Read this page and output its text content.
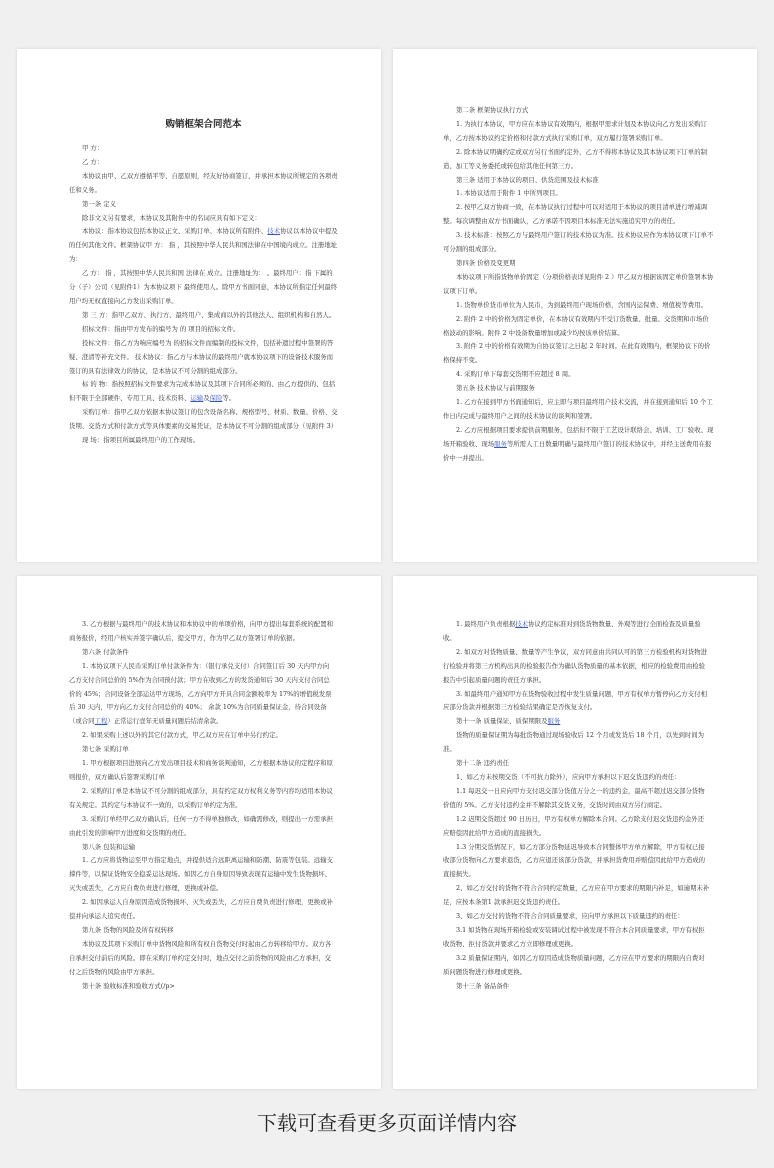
购销框架合同范本

甲 方：

乙 方：

本协议由甲、乙双方遵循平等、自愿原则，经友好协商签订，并承担本协议所规定的各项责任和义务。

第一条 定义

除非文义另有要求，本协议及其附件中的名词应具有如下定义：

本协议：指本协议包括本协议正文、采购订单、本协议所有附件、技术协议以本协议中提及的任何其他文件。框架协议甲 方： 指 ，其按照中华人民共和国法律在中国境内成立。注册地址为：

乙 方： 指 ，其按照中华人民共和国 法律在 成立。注册地址为： 。最终用户：指 下属的分（子）公司（见附件1）为本协议项下 最终使用人。除甲方书面同意，本协议所指定任何最终用户均无权直接向乙方发出采购订单。

第 三 方：指甲乙双方、执行方、最终用户、集成商以外的其他法人、组织机构和自然人。

招标文件：指由甲方发布的编号为 的 项目的招标文件。

投标文件：指乙方为响应编号为 的招标文件而编制的投标文件，包括补遗过程中签署的答疑、澄清等补充文件。 技术协议：指乙方与本协议的最终用户就本协议项下的设备技术服务而签订的具有法律效力的协议，是本协议不可分割的组成部分。

标 的 物：指按照招标文件要求为完成本协议及其项下合同所必须的、由乙方提供的、包括但不限于全部硬件、专用工具、技术资料、运输及保险等。

采购订单：指甲乙双方依据本协议签订的包含设备名称、规格型号、材质、数量、价格、交货期、交货方式和付款方式等具体要素的交易凭证，是本协议不可分割的组成部分（见附件 3）

现 场：指项目所属最终用户的工作现场。

第二条 框架协议执行方式

1. 为执行本协议，甲方应在本协议有效期内，根据甲需求计划及本协议向乙方发出采购订单，乙方按本协议约定价格和付款方式执行采购订单，双方履行签署采购订单。

2. 除本协议明确约定或双方另行书面约定外，乙方不得将本协议及其本协议项下订单的制造、加工等义务委托或转包给其他任何第三方。

第三条 适用于本协议的项目、供货范围及技术标准

1. 本协议适用于附件 1 中所列项目。

2. 按甲乙双方协商一致，在本协议执行过程中可以对适用于本协议的项目清单进行增减调整。每次调整由双方书面确认，乙方承诺不因项目本标准无法实施追究甲方的责任。

3. 技术标准：按照乙方与最终用户签订的技术协议为准。技术协议应作为本协议项下订单不可分割的组成部分。

第四条 价格及变更期

本协议项下所指货物单价固定（分项价格表详见附件 2 ）甲乙双方根据该固定单价签署本协议项下订单。

1. 货物单价货币单位为人民币，为到最终用户现场价格，含国内运保费、增值税等费用。

2. 附件 2 中的价格为固定单价，在本协议有效期内不受订货数量、批量、交货期和市场价格波动的影响。附件 2 中设备数量增加或减少均按该单价结算。

3. 附件 2 中的价格有效期为自协议签订之日起 2 年时间。在此有效期内，框架协议下的价格保持不变。

4. 采购订单下每套交货期不应超过 8 周。

第五条 技术协议与前期服务

1. 乙方在接到甲方书面通知后，应主即与项目最终用户技术交流，并在接到通知后 10 个工作日内完成与最终用户之间的技术协议的谈判和签署。

2. 乙方应根据项目要求提供前期服务，包括但不限于工艺设计联络会、培训、工厂验收、现场开箱验收、现场服务等所需人工日数量明确与最终用户签订的技术协议中，并经主送费用在报价中一并提出。

3. 乙方根据与最终用户的技术协议和本协议中的单项价格，向甲方提出每套系统的配置和商务报价，经用户核实并签字确认后，提交甲方，作为甲乙双方签署订单的依据。

第六条 付款条件

1. 本协议项下人民币采购订单付款条件为：（银行承兑支付）合同签订后 30 天内甲方向乙方支付合同总价的 5%作为合同预付款；甲方在收到乙方的发货通知后 30 天内支付合同总价的 45%；合同设备全部运达甲方现场，乙方向甲方开具合同金额税率为 17%的增值税发票后 30 天内，甲方向乙方支付合同总价的 40%； 余款 10%为合同质量保证金，待合同设备（或合同工程）正常运行壹年无质量问题后结清余款。

2. 如果采购上述以外的其它付款方式，甲乙双方应在订单中另行约定。

第七条 采购订单

1. 甲方根据项目进展向乙方发出项目技术和商务谈判通知，乙方根据本协议的定程序和原则报价，双方确认后签署采购订单

2. 采购的订单是本协议不可分割的组成部分，具有约定双方权利义务等内容均适用本协议有关规定。其约定与本协议不一致的，以采购订单约定为准。

3. 采购订单经甲乙双方确认后，任何一方不得单独修改，如确需修改，则提出一方需承担由此引发的影响甲方进度和交货期的责任。

第八条 包装和运输

1. 乙方应将货物运至甲方指定地点，并提供适合远距离运输和防潮、防震等包装。远输支撑件等，以保证货物安全稳妥运达现场。如因乙方自身原因导致表现有运输中发生货物损坏、灭失或丢失，乙方应自费负责进行修理，更换或补偿。

2. 如因承运人自身原因造成货物损坏、灭失或丢失，乙方应自费负责进行修理，更换或补偿并向承运人追究责任。

第九条 货物的风险及所有权转移

本协议及其项下采购订单中货物风险和所有权自货物交付时起由乙方转移给甲方。双方各自承担交付前后的风险。即在采购订单约定交付时，地点交付之前货物的风险由乙方承担，交付之后货物的风险由甲方承担。

第十条 验收标准和验收方式(/p>

1. 最终用户负责根据技术协议约定标准对到货货物数量、外观等进行全面检查及质量验收。

2. 如双方对货物质量、数量等产生争议，双方同意由共同认可的第三方检验机构对货物进行检验并将第三方机构出具的检验报告作为确认货物质量的基本依据，相应的检验费用由检验报告中引起质量问题的责任方承担。

3. 如最终用户通知甲方在货物验收过程中发生质量问题，甲方有权单方暂停向乙方支付相应部分货款并根据第三方检验结果确定是否恢复支付。

第十一条 质量保证、质保期限及服务

货物的质量保证期为每批货物通过现场验收后 12 个月或发货后 18 个月，以先到时间为准。

第十二条 违约责任

1、如乙方未按期交货（不可抗力除外），应向甲方承担以下迟交货违约的责任：

1.1 每迟交一日应向甲方支付迟交部分货值万分之一的违约金，最高不超过迟交部分货物价值的 5%。乙方支付违约金并不解除其交货义务，交货时间由双方另行商定。

1.2 迟期交货超过 90 日历日，甲方有权单方解除本合同。乙方除支付迟交货违约金外还应赔偿因此给甲方造成的直接损失。

1.3 分期交货情况下，如乙方部分货物延迟导致本合同整体甲方单方解除，甲方有权已接收部分货物向乙方要求退货，乙方应退还该部分货款，并承担货费用并赔偿因此给甲方造成的直接损失。

2、如乙方交付的货物不符合合同约定数量，乙方应在甲方要求的期限内补足，如逾期未补足，应按本条第1 款承担迟交货违约责任。

3、如乙方交付的货物不符合合同质量要求，应向甲方承担以下质量违约的责任：

3.1 如货物在现场开箱检验或安装调试过程中被发现不符合本合同质量要求，甲方有权拒收货物、拒付货款并要求乙方立即修理或更换。

3.2 质量保证期内，如因乙方原因造成货物质量问题，乙方应在甲方要求的期限内自费对质问题货物进行修理或更换。

第十三条 备品备件

下载可查看更多页面详情内容
